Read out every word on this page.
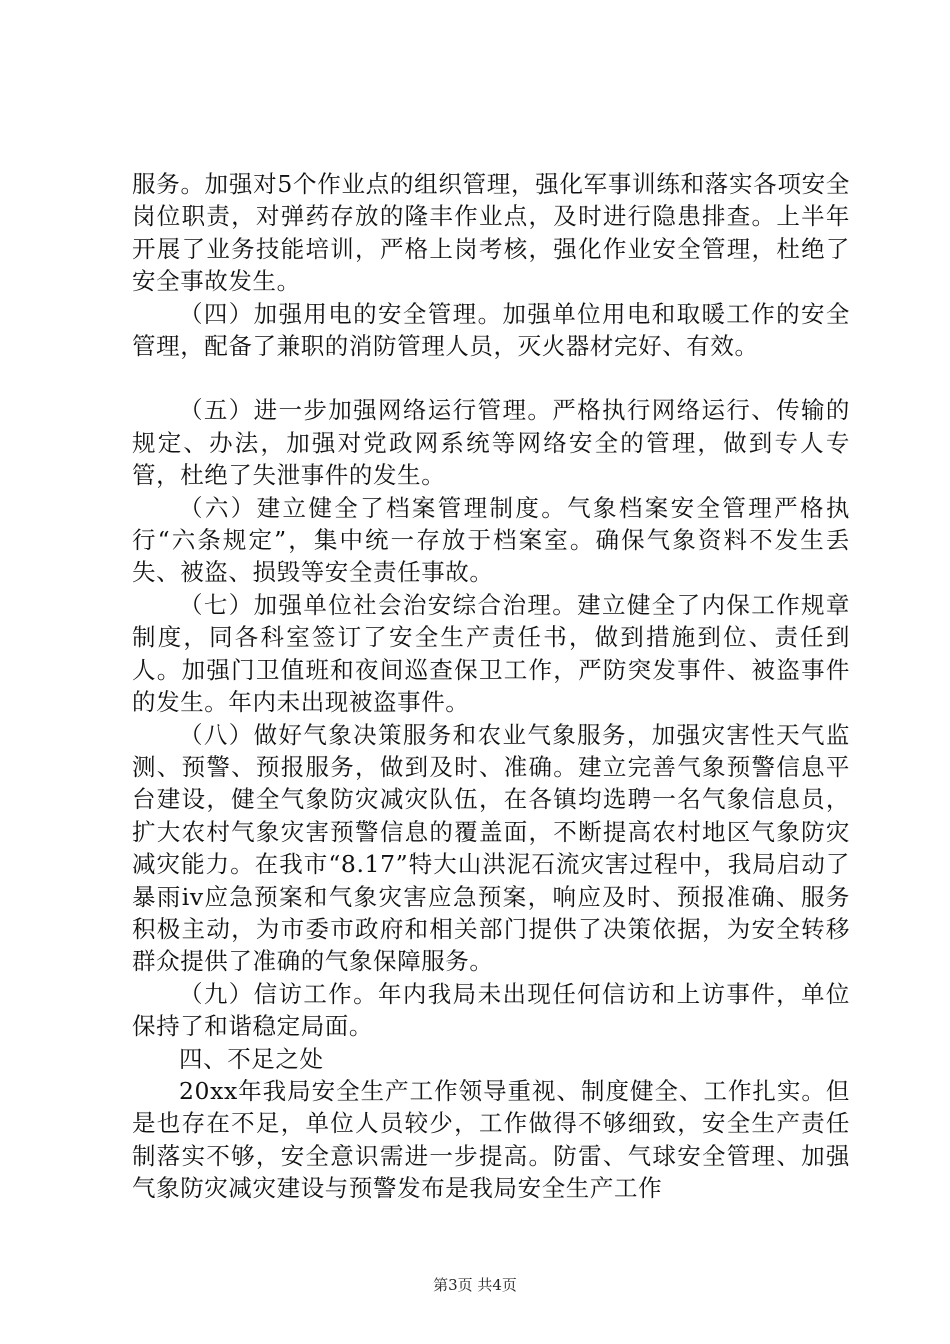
服务。加强对5个作业点的组织管理，强化军事训练和落实各项安全岗位职责，对弹药存放的隆丰作业点，及时进行隐患排查。上半年开展了业务技能培训，严格上岗考核，强化作业安全管理，杜绝了安全事故发生。

（四）加强用电的安全管理。加强单位用电和取暖工作的安全管理，配备了兼职的消防管理人员，灭火器材完好、有效。

（五）进一步加强网络运行管理。严格执行网络运行、传输的规定、办法，加强对党政网系统等网络安全的管理，做到专人专管，杜绝了失泄事件的发生。

（六）建立健全了档案管理制度。气象档案安全管理严格执行“六条规定”，集中统一存放于档案室。确保气象资料不发生丢失、被盗、损毁等安全责任事故。

（七）加强单位社会治安综合治理。建立健全了内保工作规章制度，同各科室签订了安全生产责任书，做到措施到位、责任到人。加强门卫值班和夜间巡查保卫工作，严防突发事件、被盗事件的发生。年内未出现被盗事件。

（八）做好气象决策服务和农业气象服务，加强灾害性天气监测、预警、预报服务，做到及时、准确。建立完善气象预警信息平台建设，健全气象防灾减灾队伍，在各镇均选聘一名气象信息员，扩大农村气象灾害预警信息的覆盖面，不断提高农村地区气象防灾减灾能力。在我市“8.17”特大山洪泥石流灾害过程中，我局启动了暴雨iv应急预案和气象灾害应急预案，响应及时、预报准确、服务积极主动，为市委市政府和相关部门提供了决策依据，为安全转移群众提供了准确的气象保障服务。

（九）信访工作。年内我局未出现任何信访和上访事件，单位保持了和谐稳定局面。

四、不足之处

20xx年我局安全生产工作领导重视、制度健全、工作扎实。但是也存在不足，单位人员较少，工作做得不够细致，安全生产责任制落实不够，安全意识需进一步提高。防雷、气球安全管理、加强气象防灾减灾建设与预警发布是我局安全生产工作

第3页 共4页
